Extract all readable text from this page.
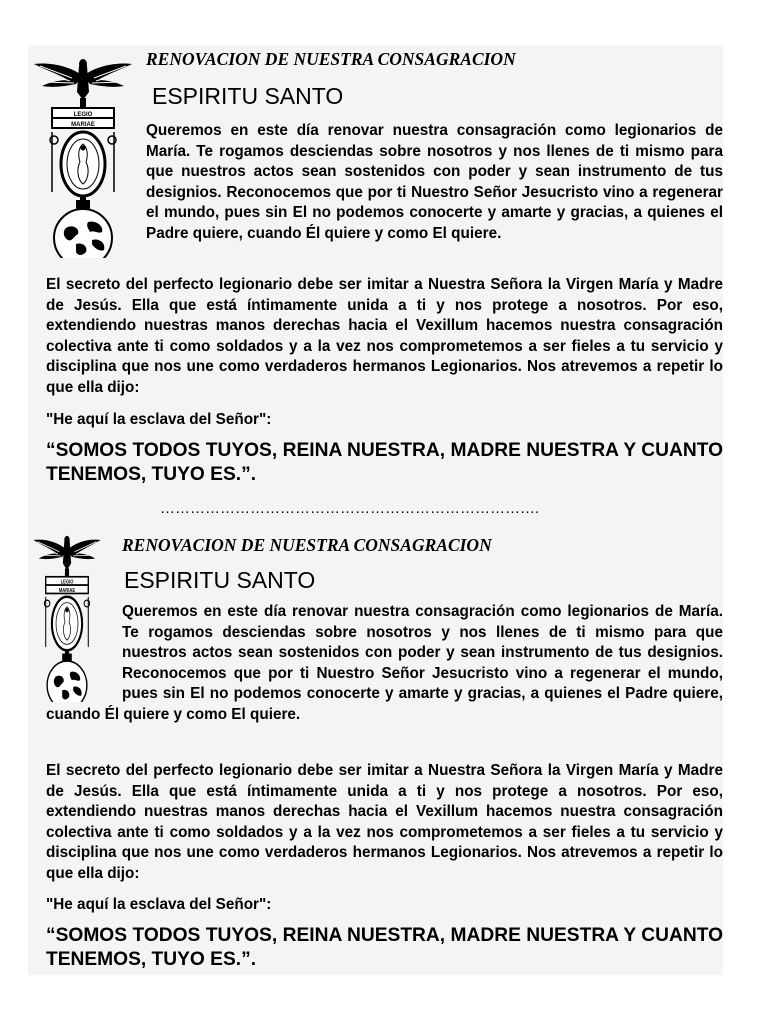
LEGIO
MARIAE
RENOVACION DE NUESTRA CONSAGRACION
ESPIRITU SANTO

Queremos en este día renovar nuestra consagración como legionarios de María. Te rogamos desciendas sobre nosotros y nos llenes de ti mismo para que nuestros actos sean sostenidos con poder y sean instrumento de tus designios. Reconocemos que por ti Nuestro Señor Jesucristo vino a regenerar el mundo, pues sin El no podemos conocerte y amarte y gracias, a quienes el Padre quiere, cuando Él quiere y como El quiere.

El secreto del perfecto legionario debe ser imitar a Nuestra Señora la Virgen María y Madre de Jesús. Ella que está íntimamente unida a ti y nos protege a nosotros. Por eso, extendiendo nuestras manos derechas hacia el Vexillum hacemos nuestra consagración colectiva ante ti como soldados y a la vez nos comprometemos a ser fieles a tu servicio y disciplina que nos une como verdaderos hermanos Legionarios. Nos atrevemos a repetir lo que ella dijo:

"He aquí la esclava del Señor":

“SOMOS TODOS TUYOS, REINA NUESTRA, MADRE NUESTRA Y CUANTO TENEMOS, TUYO ES.”.

………………………………………………………………….
LEGIO
MARIAE
RENOVACION DE NUESTRA CONSAGRACION
ESPIRITU SANTO

Queremos en este día renovar nuestra consagración como legionarios de María. Te rogamos desciendas sobre nosotros y nos llenes de ti mismo para que nuestros actos sean sostenidos con poder y sean instrumento de tus designios. Reconocemos que por ti Nuestro Señor Jesucristo vino a regenerar el mundo, pues sin El no podemos conocerte y amarte y gracias, a quienes el Padre quiere, cuando Él quiere y como El quiere.

El secreto del perfecto legionario debe ser imitar a Nuestra Señora la Virgen María y Madre de Jesús. Ella que está íntimamente unida a ti y nos protege a nosotros. Por eso, extendiendo nuestras manos derechas hacia el Vexillum hacemos nuestra consagración colectiva ante ti como soldados y a la vez nos comprometemos a ser fieles a tu servicio y disciplina que nos une como verdaderos hermanos Legionarios. Nos atrevemos a repetir lo que ella dijo:

"He aquí la esclava del Señor":

“SOMOS TODOS TUYOS, REINA NUESTRA, MADRE NUESTRA Y CUANTO TENEMOS, TUYO ES.”.
